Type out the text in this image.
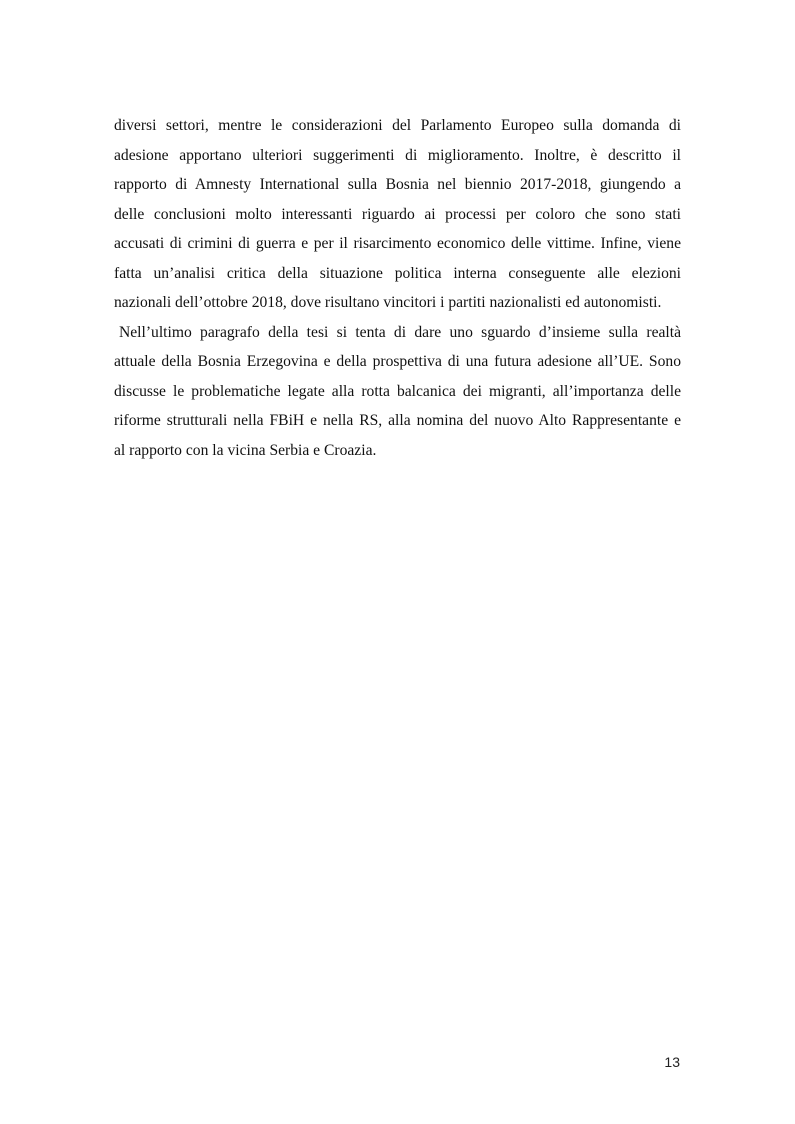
diversi settori, mentre le considerazioni del Parlamento Europeo sulla domanda di
adesione apportano ulteriori suggerimenti di miglioramento. Inoltre, è descritto il
rapporto di Amnesty International sulla Bosnia nel biennio 2017-2018, giungendo a
delle conclusioni molto interessanti riguardo ai processi per coloro che sono stati
accusati di crimini di guerra e per il risarcimento economico delle vittime. Infine, viene
fatta un’analisi critica della situazione politica interna conseguente alle elezioni
nazionali dell’ottobre 2018, dove risultano vincitori i partiti nazionalisti ed autonomisti.
Nell’ultimo paragrafo della tesi si tenta di dare uno sguardo d’insieme sulla realtà
attuale della Bosnia Erzegovina e della prospettiva di una futura adesione all’UE. Sono
discusse le problematiche legate alla rotta balcanica dei migranti, all’importanza delle
riforme strutturali nella FBiH e nella RS, alla nomina del nuovo Alto Rappresentante e
al rapporto con la vicina Serbia e Croazia.
13
